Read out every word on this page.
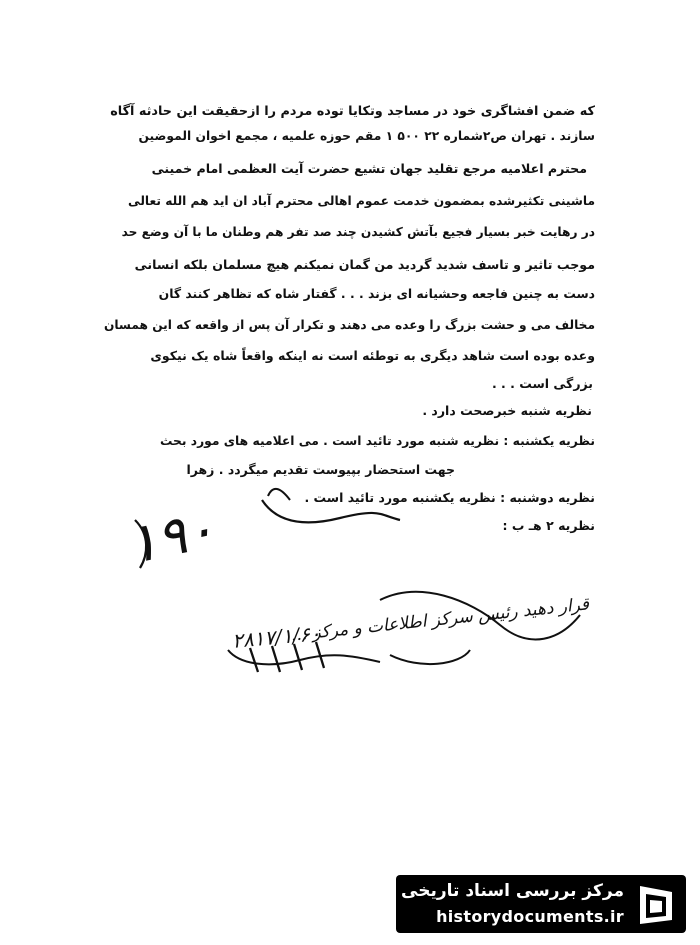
که ضمن افشاگری خود در مساجد وتکایا توده مردم را ازحقیقت این حادثه آگاه
سازند . تهران ص۲شماره ۲۲ ۵۰۰ ۱ مقم حوزه علمیه ، مجمع اخوان الموضین
محترم اعلامیه مرجع تقلید جهان تشیع حضرت آیت العظمی امام خمینی
ماشینی تکثیرشده بمضمون خدمت عموم اهالی محترم آباد ان اید هم الله تعالی
در رهایت خبر بسیار فجیع بآتش کشیدن چند صد تفر هم وطنان ما با آن وضع حد
موجب تاثیر و تاسف شدید گردید من گمان نمیکنم هیچ مسلمان بلکه انسانی
دست به چنین فاجعه وحشیانه ای بزند . . . گفتار شاه که تظاهر کنند گان
مخالف می و حشت بزرگ را وعده می دهند و تکرار آن پس از واقعه که این همسان
وعده بوده است شاهد دیگری به توطئه است نه اینکه واقعاً شاه یک نیکوی
بزرگی است . . .
نظریه شنبه خبرصحت دارد .
نظریه یکشنبه : نظریه شنبه مورد تائید است . می اعلامیه های مورد بحث
جهت استحضار بپیوست تقدیم میگردد . زهرا
نظریه دوشنبه : نظریه یکشنبه مورد تائید است .
نظریه ۲ هـ ب :
۱۹۰
قرار دهید رئیس سرکز اطلاعات و مرکز ...
۲۸۱۷/۱/۶۰
مرکز بررسی اسناد تاریخی
historydocuments.ir
